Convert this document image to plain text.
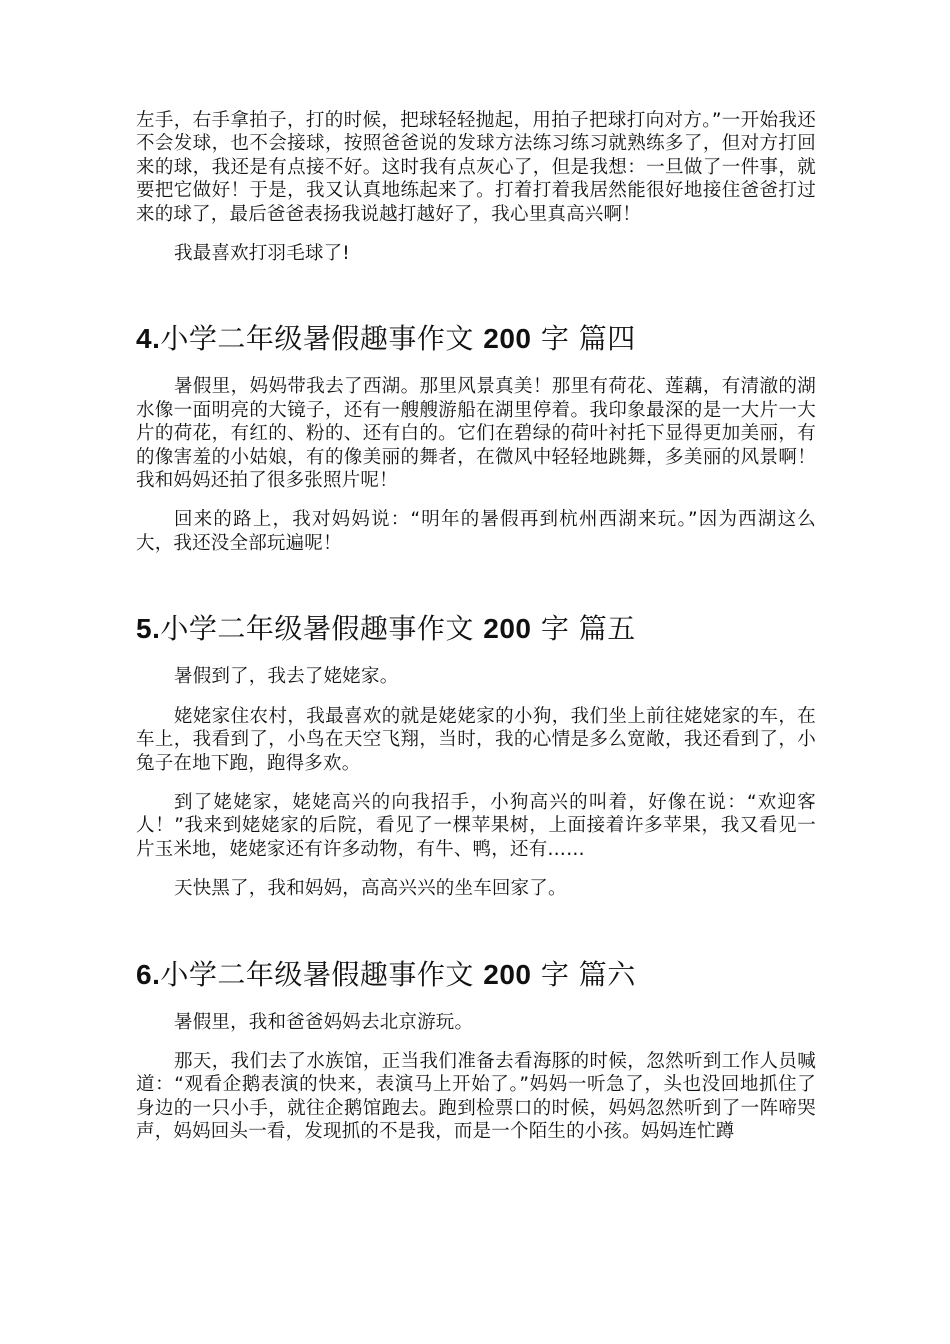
左手，右手拿拍子，打的时候，把球轻轻抛起，用拍子把球打向对方。”一开始我还不会发球，也不会接球，按照爸爸说的发球方法练习练习就熟练多了，但对方打回来的球，我还是有点接不好。这时我有点灰心了，但是我想：一旦做了一件事，就要把它做好！于是，我又认真地练起来了。打着打着我居然能很好地接住爸爸打过来的球了，最后爸爸表扬我说越打越好了，我心里真高兴啊！

我最喜欢打羽毛球了!

4.小学二年级暑假趣事作文 200 字 篇四

暑假里，妈妈带我去了西湖。那里风景真美！那里有荷花、莲藕，有清澈的湖水像一面明亮的大镜子，还有一艘艘游船在湖里停着。我印象最深的是一大片一大片的荷花，有红的、粉的、还有白的。它们在碧绿的荷叶衬托下显得更加美丽，有的像害羞的小姑娘，有的像美丽的舞者，在微风中轻轻地跳舞，多美丽的风景啊！我和妈妈还拍了很多张照片呢！

回来的路上，我对妈妈说：“明年的暑假再到杭州西湖来玩。”因为西湖这么大，我还没全部玩遍呢！

5.小学二年级暑假趣事作文 200 字 篇五

暑假到了，我去了姥姥家。

姥姥家住农村，我最喜欢的就是姥姥家的小狗，我们坐上前往姥姥家的车，在车上，我看到了，小鸟在天空飞翔，当时，我的心情是多么宽敞，我还看到了，小兔子在地下跑，跑得多欢。

到了姥姥家，姥姥高兴的向我招手，小狗高兴的叫着，好像在说：“欢迎客人！”我来到姥姥家的后院，看见了一棵苹果树，上面接着许多苹果，我又看见一片玉米地，姥姥家还有许多动物，有牛、鸭，还有……

天快黑了，我和妈妈，高高兴兴的坐车回家了。

6.小学二年级暑假趣事作文 200 字 篇六

暑假里，我和爸爸妈妈去北京游玩。

那天，我们去了水族馆，正当我们准备去看海豚的时候，忽然听到工作人员喊道：“观看企鹅表演的快来，表演马上开始了。”妈妈一听急了，头也没回地抓住了身边的一只小手，就往企鹅馆跑去。跑到检票口的时候，妈妈忽然听到了一阵啼哭声，妈妈回头一看，发现抓的不是我，而是一个陌生的小孩。妈妈连忙蹲
